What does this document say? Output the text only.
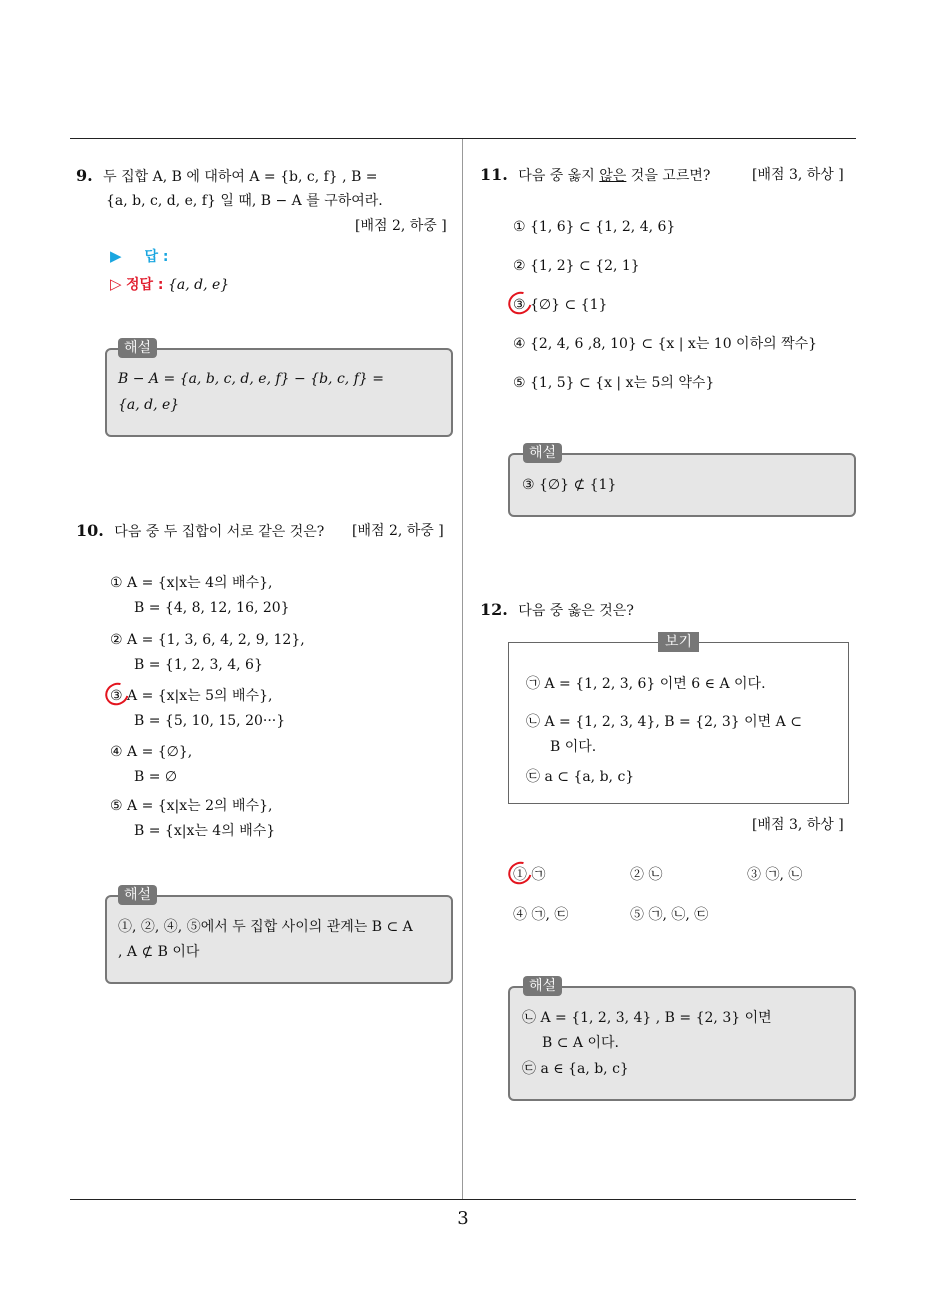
3
9. 두 집합 A, B 에 대하여 A = {b, c, f} , B =
{a, b, c, d, e, f} 일 때, B − A 를 구하여라.
[배점 2, 하중 ]
▶ 답 :
▷ 정답 : {a, d, e}
해설
B − A = {a, b, c, d, e, f} − {b, c, f} =
{a, d, e}
10. 다음 중 두 집합이 서로 같은 것은? [배점 2, 하중 ]
① A = {x|x는 4의 배수},
B = {4, 8, 12, 16, 20}
② A = {1, 3, 6, 4, 2, 9, 12},
B = {1, 2, 3, 4, 6}
③ A = {x|x는 5의 배수},
B = {5, 10, 15, 20···}
④ A = {∅},
B = ∅
⑤ A = {x|x는 2의 배수},
B = {x|x는 4의 배수}
해설
①, ②, ④, ⑤에서 두 집합 사이의 관계는 B ⊂ A
, A ⊄ B 이다
11. 다음 중 옳지 않은 것을 고르면?	[배점 3, 하상 ]
① {1, 6} ⊂ {1, 2, 4, 6}
② {1, 2} ⊂ {2, 1}
③ {∅} ⊂ {1}
④ {2, 4, 6 ,8, 10} ⊂ {x | x는 10 이하의 짝수}
⑤ {1, 5} ⊂ {x | x는 5의 약수}
해설
③ {∅} ⊄ {1}
12. 다음 중 옳은 것은?
보기
㉠ A = {1, 2, 3, 6} 이면 6 ∈ A 이다.
㉡ A = {1, 2, 3, 4}, B = {2, 3} 이면 A ⊂
B 이다.
㉢ a ⊂ {a, b, c}
[배점 3, 하상 ]
① ㉠	② ㉡	③ ㉠, ㉡
④ ㉠, ㉢	⑤ ㉠, ㉡, ㉢
해설
㉡ A = {1, 2, 3, 4} , B = {2, 3} 이면
B ⊂ A 이다.
㉢ a ∈ {a, b, c}
